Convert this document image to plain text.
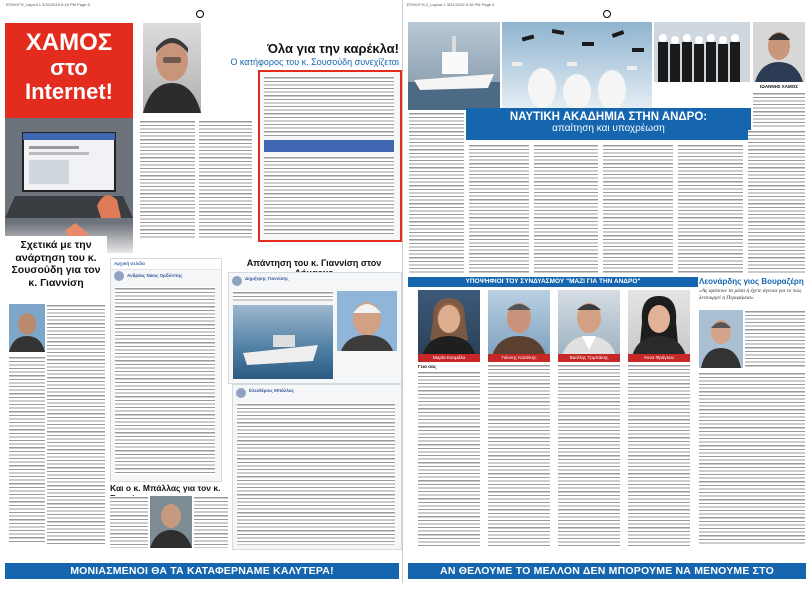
ΕΠΙΛΟΓΗ_Layout 1 3/31/2019 6:16 PM Page 8
ΧΑΜΟΣ
στο
Internet!
Όλα για την καρέκλα!
Ο κατήφορος του κ. Σουσούδη συνεχίζεται
Σχετικά με την ανάρτηση του κ. Σουσούδη για τον κ. Γιαννίση
Αρχική σελίδα
Ανδρέας Νίκος Ορδόνπης
Απάντηση του κ. Γιαννίση στον
Δημήτρης Γιαννίσης
Και ο κ. Μπάλλας για τον κ.
Ελευθέριος Μπάλλας
ΜΟΝΙΑΣΜΕΝΟΙ ΘΑ ΤΑ ΚΑΤΑΦΕΡΝΑΜΕ ΚΑΛΥΤΕΡΑ!
ΕΠΙΛΟΓΗ-2_Layout 1 3/31/2019 6:15 PM Page 4
ΙΩΑΝΝΗΣ ΧΑΜΟΣ
ΝΑΥΤΙΚΗ ΑΚΑΔΗΜΙΑ ΣΤΗΝ ΑΝΔΡΟ:
απαίτηση και υποχρέωση
ΥΠΟΨΗΦΙΟΙ ΤΟΥ ΣΥΝΔΥΑΣΜΟΥ "ΜΑΖΙ ΓΙΑ ΤΗΝ ΑΝΔΡΟ"
Μαρία Κουμάλα	Γιάννης Κατσίκης	Βασίλης Τρμπάκης	Άννα Φράγκου
Γεια σας
Λεονάρδης γιος Βουραζέρη
«Ας αρέσουν τα μέσα ή έχετε άγνοια για το πώς λειτουργεί η Περιφέρεια»
ΑΝ ΘΕΛΟΥΜΕ ΤΟ ΜΕΛΛΟΝ ΔΕΝ ΜΠΟΡΟΥΜΕ ΝΑ ΜΕΝΟΥΜΕ ΣΤΟ ΠΑΡΕΛΘΟΝ!
